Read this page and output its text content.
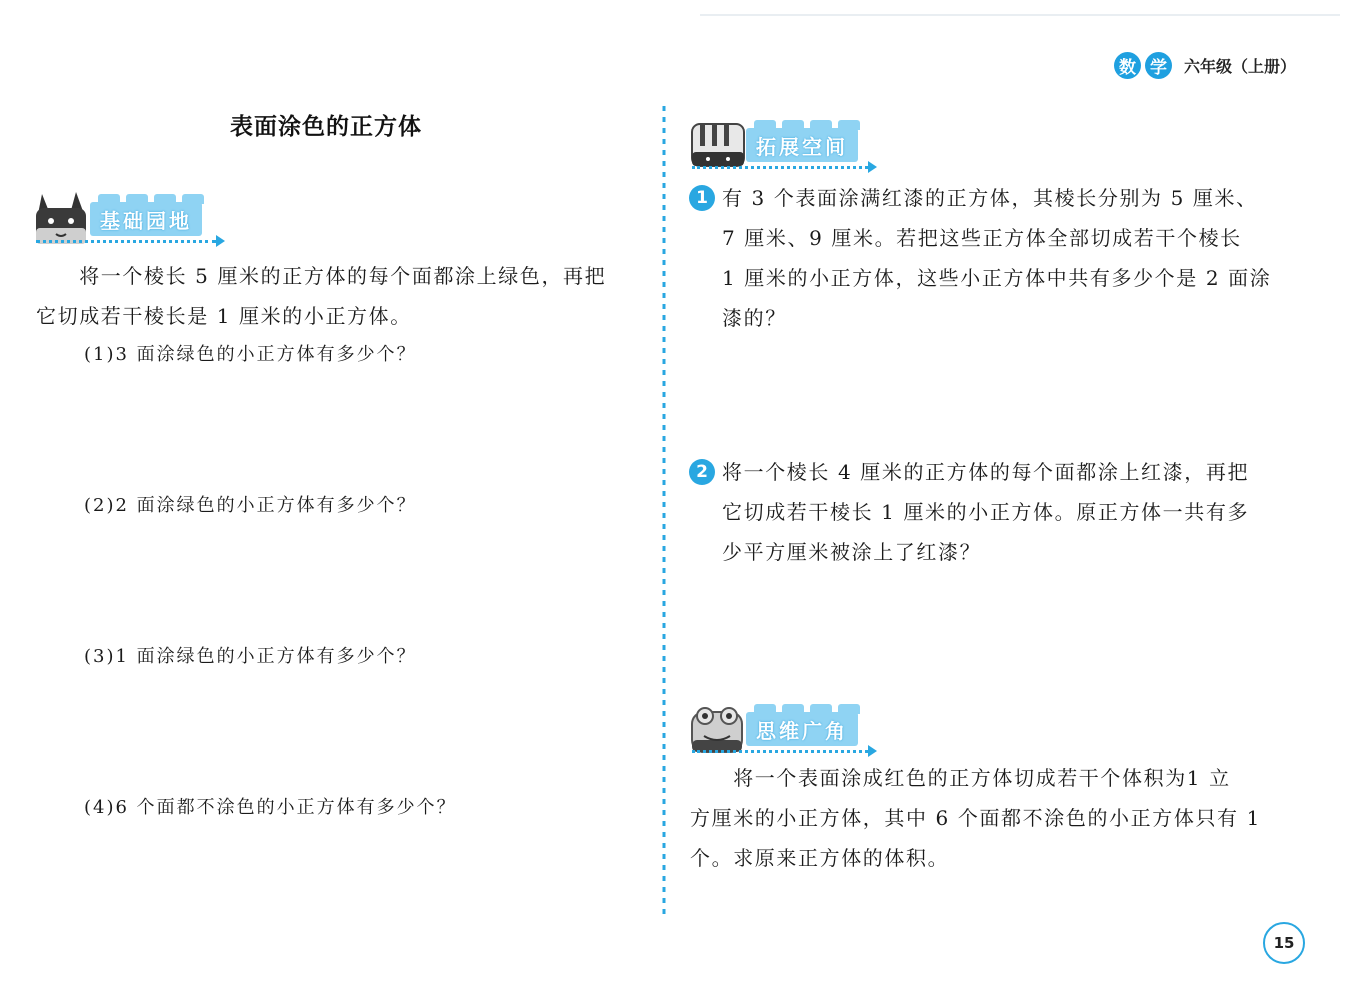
数 学	六年级（上册）
表面涂色的正方体
基础园地
　　将一个棱长 5 厘米的正方体的每个面都涂上绿色，再把
它切成若干棱长是 1 厘米的小正方体。
(1)3 面涂绿色的小正方体有多少个？
(2)2 面涂绿色的小正方体有多少个？
(3)1 面涂绿色的小正方体有多少个？
(4)6 个面都不涂色的小正方体有多少个？
拓展空间
1 有 3 个表面涂满红漆的正方体，其棱长分别为 5 厘米、
7 厘米、9 厘米。若把这些正方体全部切成若干个棱长
1 厘米的小正方体，这些小正方体中共有多少个是 2 面涂
漆的？
2 将一个棱长 4 厘米的正方体的每个面都涂上红漆，再把
它切成若干棱长 1 厘米的小正方体。原正方体一共有多
少平方厘米被涂上了红漆？
思维广角
　　将一个表面涂成红色的正方体切成若干个体积为1 立
方厘米的小正方体，其中 6 个面都不涂色的小正方体只有 1
个。求原来正方体的体积。
15
